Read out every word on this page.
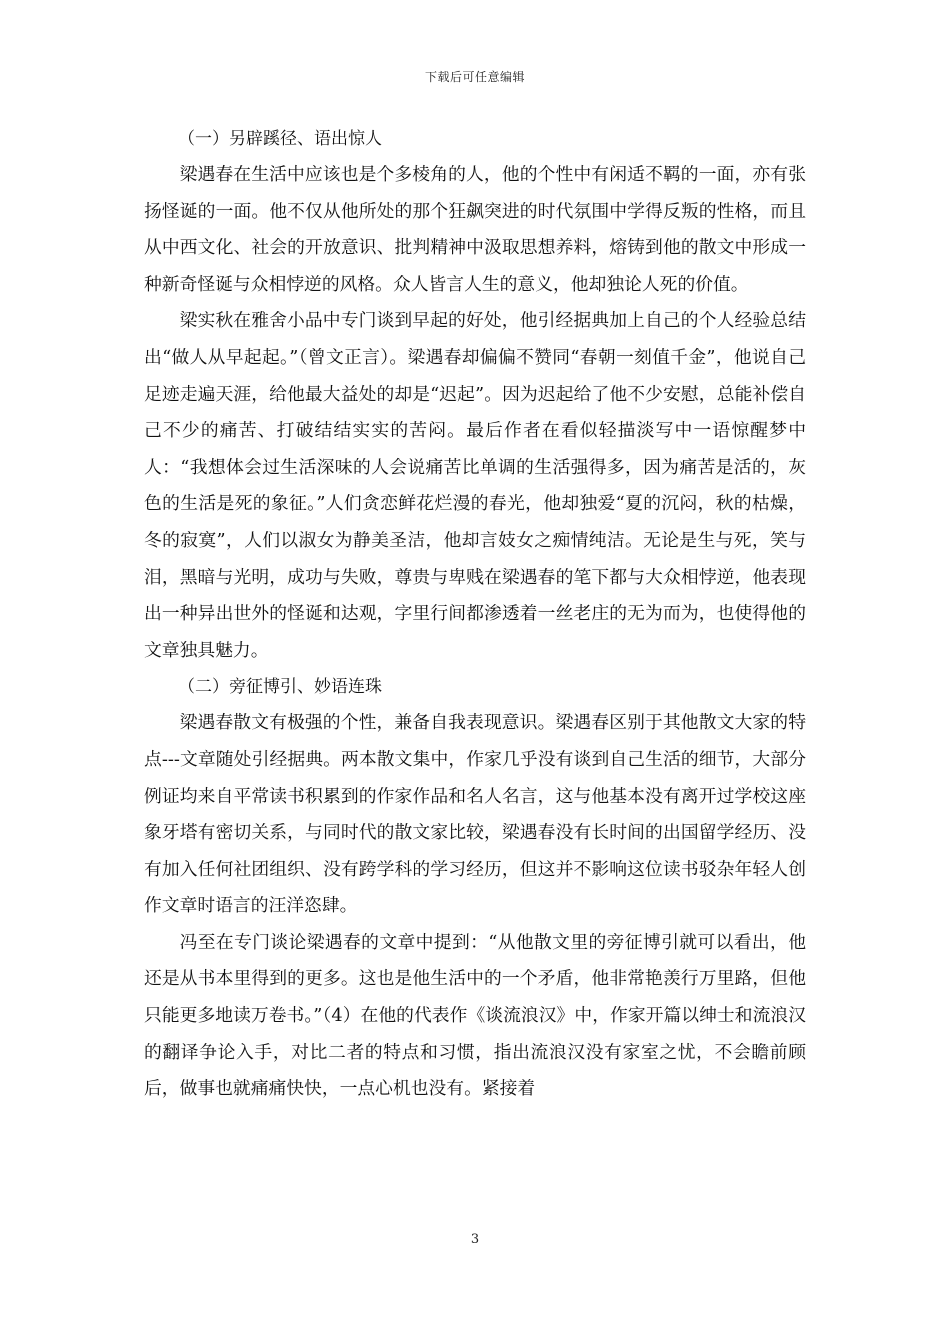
下载后可任意编辑

（一）另辟蹊径、语出惊人

梁遇春在生活中应该也是个多棱角的人，他的个性中有闲适不羁的一面，亦有张扬怪诞的一面。他不仅从他所处的那个狂飙突进的时代氛围中学得反叛的性格，而且从中西文化、社会的开放意识、批判精神中汲取思想养料，熔铸到他的散文中形成一种新奇怪诞与众相悖逆的风格。众人皆言人生的意义，他却独论人死的价值。

梁实秋在雅舍小品中专门谈到早起的好处，他引经据典加上自己的个人经验总结出“做人从早起起。”（曾文正言）。梁遇春却偏偏不赞同“春朝一刻值千金”，他说自己足迹走遍天涯，给他最大益处的却是“迟起”。因为迟起给了他不少安慰，总能补偿自己不少的痛苦、打破结结实实的苦闷。最后作者在看似轻描淡写中一语惊醒梦中人：“我想体会过生活深味的人会说痛苦比单调的生活强得多，因为痛苦是活的，灰色的生活是死的象征。”人们贪恋鲜花烂漫的春光，他却独爱“夏的沉闷，秋的枯燥，冬的寂寞”，人们以淑女为静美圣洁，他却言妓女之痴情纯洁。无论是生与死，笑与泪，黑暗与光明，成功与失败，尊贵与卑贱在梁遇春的笔下都与大众相悖逆，他表现出一种异出世外的怪诞和达观，字里行间都渗透着一丝老庄的无为而为，也使得他的文章独具魅力。

（二）旁征博引、妙语连珠

梁遇春散文有极强的个性，兼备自我表现意识。梁遇春区别于其他散文大家的特点---文章随处引经据典。两本散文集中，作家几乎没有谈到自己生活的细节，大部分例证均来自平常读书积累到的作家作品和名人名言，这与他基本没有离开过学校这座象牙塔有密切关系，与同时代的散文家比较，梁遇春没有长时间的出国留学经历、没有加入任何社团组织、没有跨学科的学习经历，但这并不影响这位读书驳杂年轻人创作文章时语言的汪洋恣肆。

冯至在专门谈论梁遇春的文章中提到：“从他散文里的旁征博引就可以看出，他还是从书本里得到的更多。这也是他生活中的一个矛盾，他非常艳羡行万里路，但他只能更多地读万卷书。”（4）在他的代表作《谈流浪汉》中，作家开篇以绅士和流浪汉的翻译争论入手，对比二者的特点和习惯，指出流浪汉没有家室之忧，不会瞻前顾后，做事也就痛痛快快，一点心机也没有。紧接着

3
